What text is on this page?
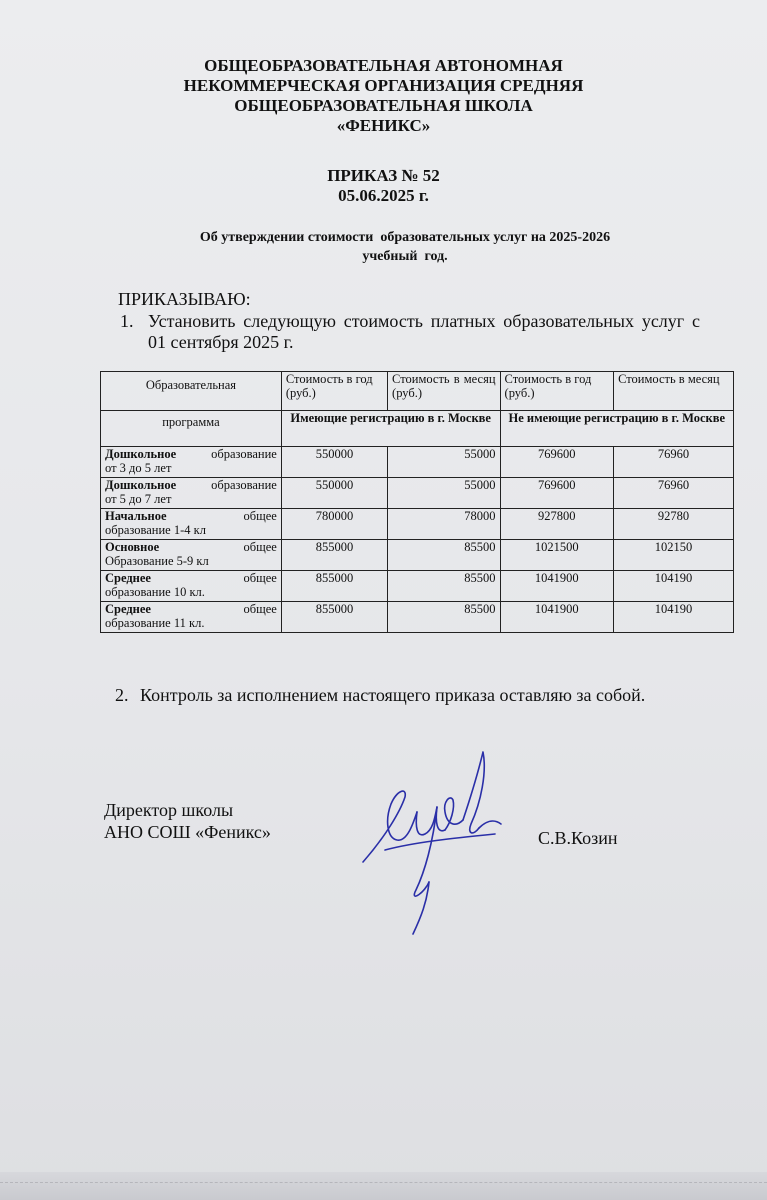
ОБЩЕОБРАЗОВАТЕЛЬНАЯ АВТОНОМНАЯ
НЕКОММЕРЧЕСКАЯ ОРГАНИЗАЦИЯ СРЕДНЯЯ
ОБЩЕОБРАЗОВАТЕЛЬНАЯ ШКОЛА
«ФЕНИКС»
ПРИКАЗ № 52
05.06.2025 г.
Об утверждении стоимости  образовательных услуг на 2025-2026
учебный  год.
ПРИКАЗЫВАЮ:
1. Установить следующую стоимость платных образовательных услуг с 01 сентября 2025 г.
Образовательная	Стоимость в год (руб.)	Стоимость в месяц (руб.)	Стоимость в год (руб.)	Стоимость в месяц
программа	Имеющие регистрацию в г. Москве		Не имеющие регистрацию в г. Москве	

Дошкольное образование
от 3 до 5 лет	550000	55000	769600	76960

Дошкольное образование
от 5 до 7 лет	550000	55000	769600	76960

Начальное общее
образование 1-4 кл	780000	78000	927800	92780

Основное общее
Образование 5-9 кл	855000	85500	1021500	102150

Среднее общее
образование 10 кл.	855000	85500	1041900	104190

Среднее общее
образование 11 кл.	855000	85500	1041900	104190
2. Контроль за исполнением настоящего приказа оставляю за собой.
Директор школы
АНО СОШ «Феникс»	С.В.Козин
